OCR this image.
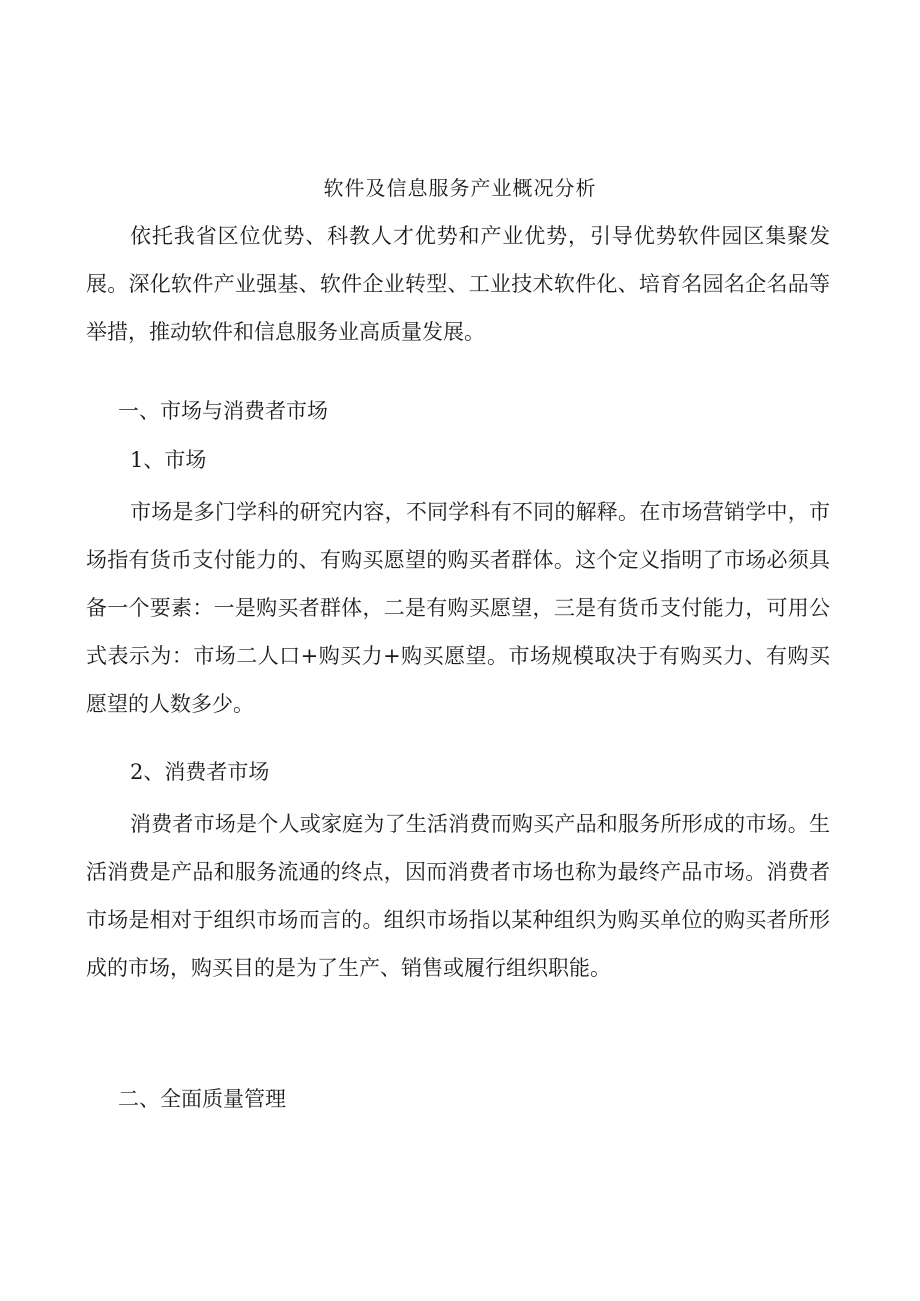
软件及信息服务产业概况分析

依托我省区位优势、科教人才优势和产业优势，引导优势软件园区集聚发展。深化软件产业强基、软件企业转型、工业技术软件化、培育名园名企名品等举措，推动软件和信息服务业高质量发展。

一、市场与消费者市场
1、市场

市场是多门学科的研究内容，不同学科有不同的解释。在市场营销学中，市场指有货币支付能力的、有购买愿望的购买者群体。这个定义指明了市场必须具备一个要素：一是购买者群体，二是有购买愿望，三是有货币支付能力，可用公式表示为：市场二人口+购买力+购买愿望。市场规模取决于有购买力、有购买愿望的人数多少。

2、消费者市场

消费者市场是个人或家庭为了生活消费而购买产品和服务所形成的市场。生活消费是产品和服务流通的终点，因而消费者市场也称为最终产品市场。消费者市场是相对于组织市场而言的。组织市场指以某种组织为购买单位的购买者所形成的市场，购买目的是为了生产、销售或履行组织职能。

二、全面质量管理
